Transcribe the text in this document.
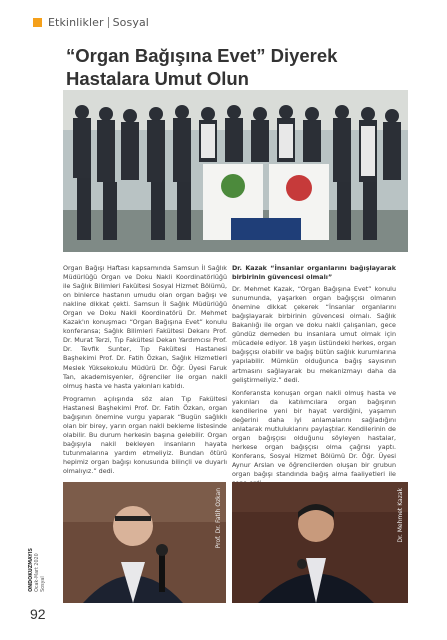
Etkinlikler Sosyal
“Organ Bağışına Evet” Diyerek Hastalara Umut Olun

Organ Bağışı Haftası kapsamında Samsun İl Sağlık Müdürlüğü Organ ve Doku Nakli Koordinatörlüğü ile Sağlık Bilimleri Fakültesi Sosyal Hizmet Bölümü, on binlerce hastanın umudu olan organ bağışı ve nakline dikkat çekti. Samsun İl Sağlık Müdürlüğü Organ ve Doku Nakli Koordinatörü Dr. Mehmet Kazak'ın konuşmacı “Organ Bağışına Evet” konulu konferansa; Sağlık Bilimleri Fakültesi Dekanı Prof. Dr. Murat Terzi, Tıp Fakültesi Dekan Yardımcısı Prof. Dr. Tevfik Sunter, Tıp Fakültesi Hastanesi Başhekimi Prof. Dr. Fatih Özkan, Sağlık Hizmetleri Meslek Yüksekokulu Müdürü Dr. Öğr. Üyesi Faruk Tan, akademisyenler, öğrenciler ile organ nakli olmuş hasta ve hasta yakınları katıldı.

Programın açılışında söz alan Tıp Fakültesi Hastanesi Başhekimi Prof. Dr. Fatih Özkan, organ bağışının önemine vurgu yaparak “Bugün sağlıklı olan bir birey, yarın organ nakli bekleme listesinde olabilir. Bu durum herkesin başına gelebilir. Organ bağışıyla nakil bekleyen insanların hayata tutunmalarına yardım etmeliyiz. Bundan ötürü hepimiz organ bağışı konusunda bilinçli ve duyarlı olmalıyız.” dedi.

Dr. Kazak “İnsanlar organlarını bağışlayarak birbirinin güvencesi olmalı”

Dr. Mehmet Kazak, “Organ Bağışına Evet” konulu sunumunda, yaşarken organ bağışçısı olmanın önemine dikkat çekerek “İnsanlar organlarını bağışlayarak birbirinin güvencesi olmalı. Sağlık Bakanlığı ile organ ve doku nakli çalışanları, gece gündüz demeden bu insanlara umut olmak için mücadele ediyor. 18 yaşın üstündeki herkes, organ bağışçısı olabilir ve bağış bütün sağlık kurumlarına yapılabilir. Mümkün olduğunca bağış sayısının artmasını sağlayarak bu mekanizmayı daha da geliştirmeliyiz.” dedi.

Konferansta konuşan organ nakli olmuş hasta ve yakınları da katılımcılara organ bağışının kendilerine yeni bir hayat verdiğini, yaşamın değerini daha iyi anlamalarını sağladığını anlatarak mutluluklarını paylaştılar. Kendilerinin de organ bağışçısı olduğunu söyleyen hastalar, herkese organ bağışçısı olma çağrısı yaptı. Konferans, Sosyal Hizmet Bölümü Dr. Öğr. Üyesi Aynur Arslan ve öğrencilerden oluşan bir grubun organ bağışı standında bağış alma faaliyetleri ile

Prof. Dr. Fatih Özkan	Dr. Mehmet Kazak
ONDOKUZMAYIS
Ocak-Mart 2020
Sosyal
92
